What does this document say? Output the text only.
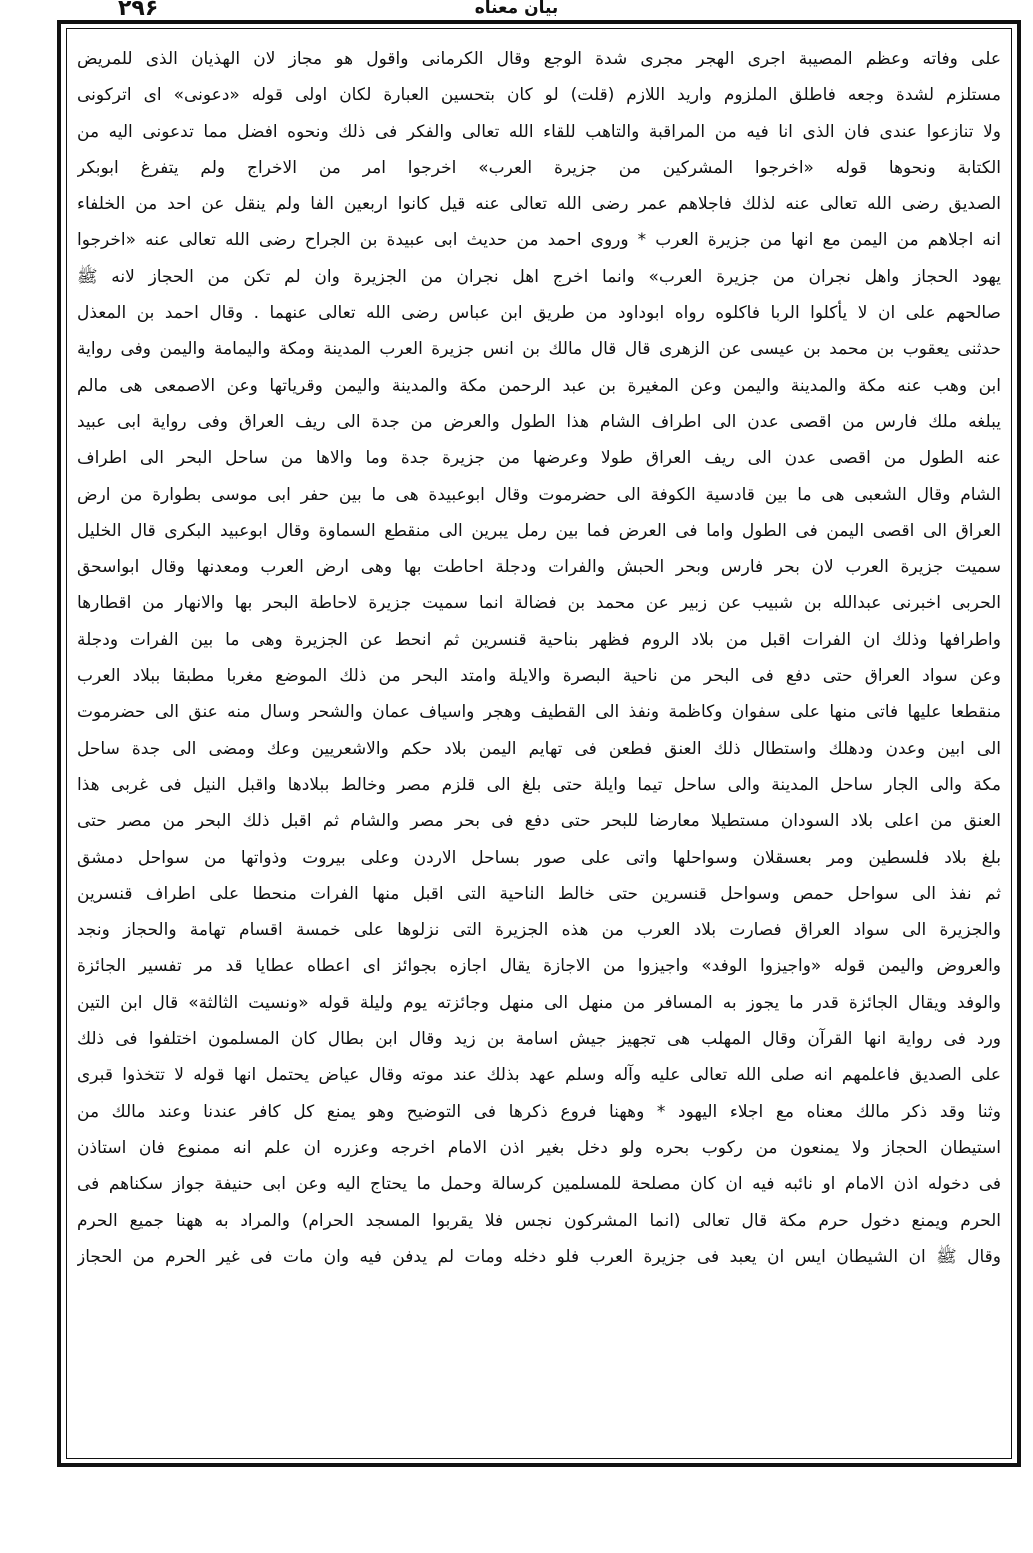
بيان معناه
۲۹۶
على وفاته وعظم المصيبة اجرى الهجر مجرى شدة الوجع وقال الكرمانى واقول هو مجاز لان الهذيان الذى للمريض
مستلزم لشدة وجعه فاطلق الملزوم واريد اللازم (قلت) لو كان بتحسين العبارة لكان اولى قوله «دعونى» اى اتركونى
ولا تنازعوا عندى فان الذى انا فيه من المراقبة والتاهب للقاء الله تعالى والفكر فى ذلك ونحوه افضل مما تدعونى اليه من
الكتابة ونحوها قوله «اخرجوا المشركين من جزيرة العرب» اخرجوا امر من الاخراج ولم يتفرغ ابوبكر
الصديق رضى الله تعالى عنه لذلك فاجلاهم عمر رضى الله تعالى عنه قيل كانوا اربعين الفا ولم ينقل عن احد من الخلفاء
انه اجلاهم من اليمن مع انها من جزيرة العرب * وروى احمد من حديث ابى عبيدة بن الجراح رضى الله تعالى عنه «اخرجوا
يهود الحجاز واهل نجران من جزيرة العرب» وانما اخرج اهل نجران من الجزيرة وان لم تكن من الحجاز لانه ﷺ
صالحهم على ان لا يأكلوا الربا فاكلوه رواه ابوداود من طريق ابن عباس رضى الله تعالى عنهما . وقال احمد بن المعذل
حدثنى يعقوب بن محمد بن عيسى عن الزهرى قال قال مالك بن انس جزيرة العرب المدينة ومكة واليمامة واليمن وفى رواية
ابن وهب عنه مكة والمدينة واليمن وعن المغيرة بن عبد الرحمن مكة والمدينة واليمن وقرياتها وعن الاصمعى هى مالم
يبلغه ملك فارس من اقصى عدن الى اطراف الشام هذا الطول والعرض من جدة الى ريف العراق وفى رواية ابى عبيد
عنه الطول من اقصى عدن الى ريف العراق طولا وعرضها من جزيرة جدة وما والاها من ساحل البحر الى اطراف
الشام وقال الشعبى هى ما بين قادسية الكوفة الى حضرموت وقال ابوعبيدة هى ما بين حفر ابى موسى بطوارة من ارض
العراق الى اقصى اليمن فى الطول واما فى العرض فما بين رمل يبرين الى منقطع السماوة وقال ابوعبيد البكرى قال الخليل
سميت جزيرة العرب لان بحر فارس وبحر الحبش والفرات ودجلة احاطت بها وهى ارض العرب ومعدنها وقال ابواسحق
الحربى اخبرنى عبدالله بن شبيب عن زبير عن محمد بن فضالة انما سميت جزيرة لاحاطة البحر بها والانهار من اقطارها
واطرافها وذلك ان الفرات اقبل من بلاد الروم فظهر بناحية قنسرين ثم انحط عن الجزيرة وهى ما بين الفرات ودجلة
وعن سواد العراق حتى دفع فى البحر من ناحية البصرة والايلة وامتد البحر من ذلك الموضع مغربا مطبقا ببلاد العرب
منقطعا عليها فاتى منها على سفوان وكاظمة ونفذ الى القطيف وهجر واسياف عمان والشحر وسال منه عنق الى حضرموت
الى ابين وعدن ودهلك واستطال ذلك العنق فطعن فى تهايم اليمن بلاد حكم والاشعريين وعك ومضى الى جدة ساحل
مكة والى الجار ساحل المدينة والى ساحل تيما وايلة حتى بلغ الى قلزم مصر وخالط ببلادها واقبل النيل فى غربى هذا
العنق من اعلى بلاد السودان مستطيلا معارضا للبحر حتى دفع فى بحر مصر والشام ثم اقبل ذلك البحر من مصر حتى
بلغ بلاد فلسطين ومر بعسقلان وسواحلها واتى على صور بساحل الاردن وعلى بيروت وذواتها من سواحل دمشق
ثم نفذ الى سواحل حمص وسواحل قنسرين حتى خالط الناحية التى اقبل منها الفرات منحطا على اطراف قنسرين
والجزيرة الى سواد العراق فصارت بلاد العرب من هذه الجزيرة التى نزلوها على خمسة اقسام تهامة والحجاز ونجد
والعروض واليمن قوله «واجيزوا الوفد» واجيزوا من الاجازة يقال اجازه بجوائز اى اعطاه عطايا قد مر تفسير الجائزة
والوفد ويقال الجائزة قدر ما يجوز به المسافر من منهل الى منهل وجائزته يوم وليلة قوله «ونسيت الثالثة» قال ابن التين
ورد فى رواية انها القرآن وقال المهلب هى تجهيز جيش اسامة بن زيد وقال ابن بطال كان المسلمون اختلفوا فى ذلك
على الصديق فاعلمهم انه صلى الله تعالى عليه وآله وسلم عهد بذلك عند موته وقال عياض يحتمل انها قوله لا تتخذوا قبرى
وثنا وقد ذكر مالك معناه مع اجلاء اليهود * وههنا فروع ذكرها فى التوضيح وهو يمنع كل كافر عندنا وعند مالك من
استيطان الحجاز ولا يمنعون من ركوب بحره ولو دخل بغير اذن الامام اخرجه وعزره ان علم انه ممنوع فان استاذن
فى دخوله اذن الامام او نائبه فيه ان كان مصلحة للمسلمين كرسالة وحمل ما يحتاج اليه وعن ابى حنيفة جواز سكناهم فى
الحرم ويمنع دخول حرم مكة قال تعالى (انما المشركون نجس فلا يقربوا المسجد الحرام) والمراد به ههنا جميع الحرم
وقال ﷺ ان الشيطان ايس ان يعبد فى جزيرة العرب فلو دخله ومات لم يدفن فيه وان مات فى غير الحرم من الحجاز
